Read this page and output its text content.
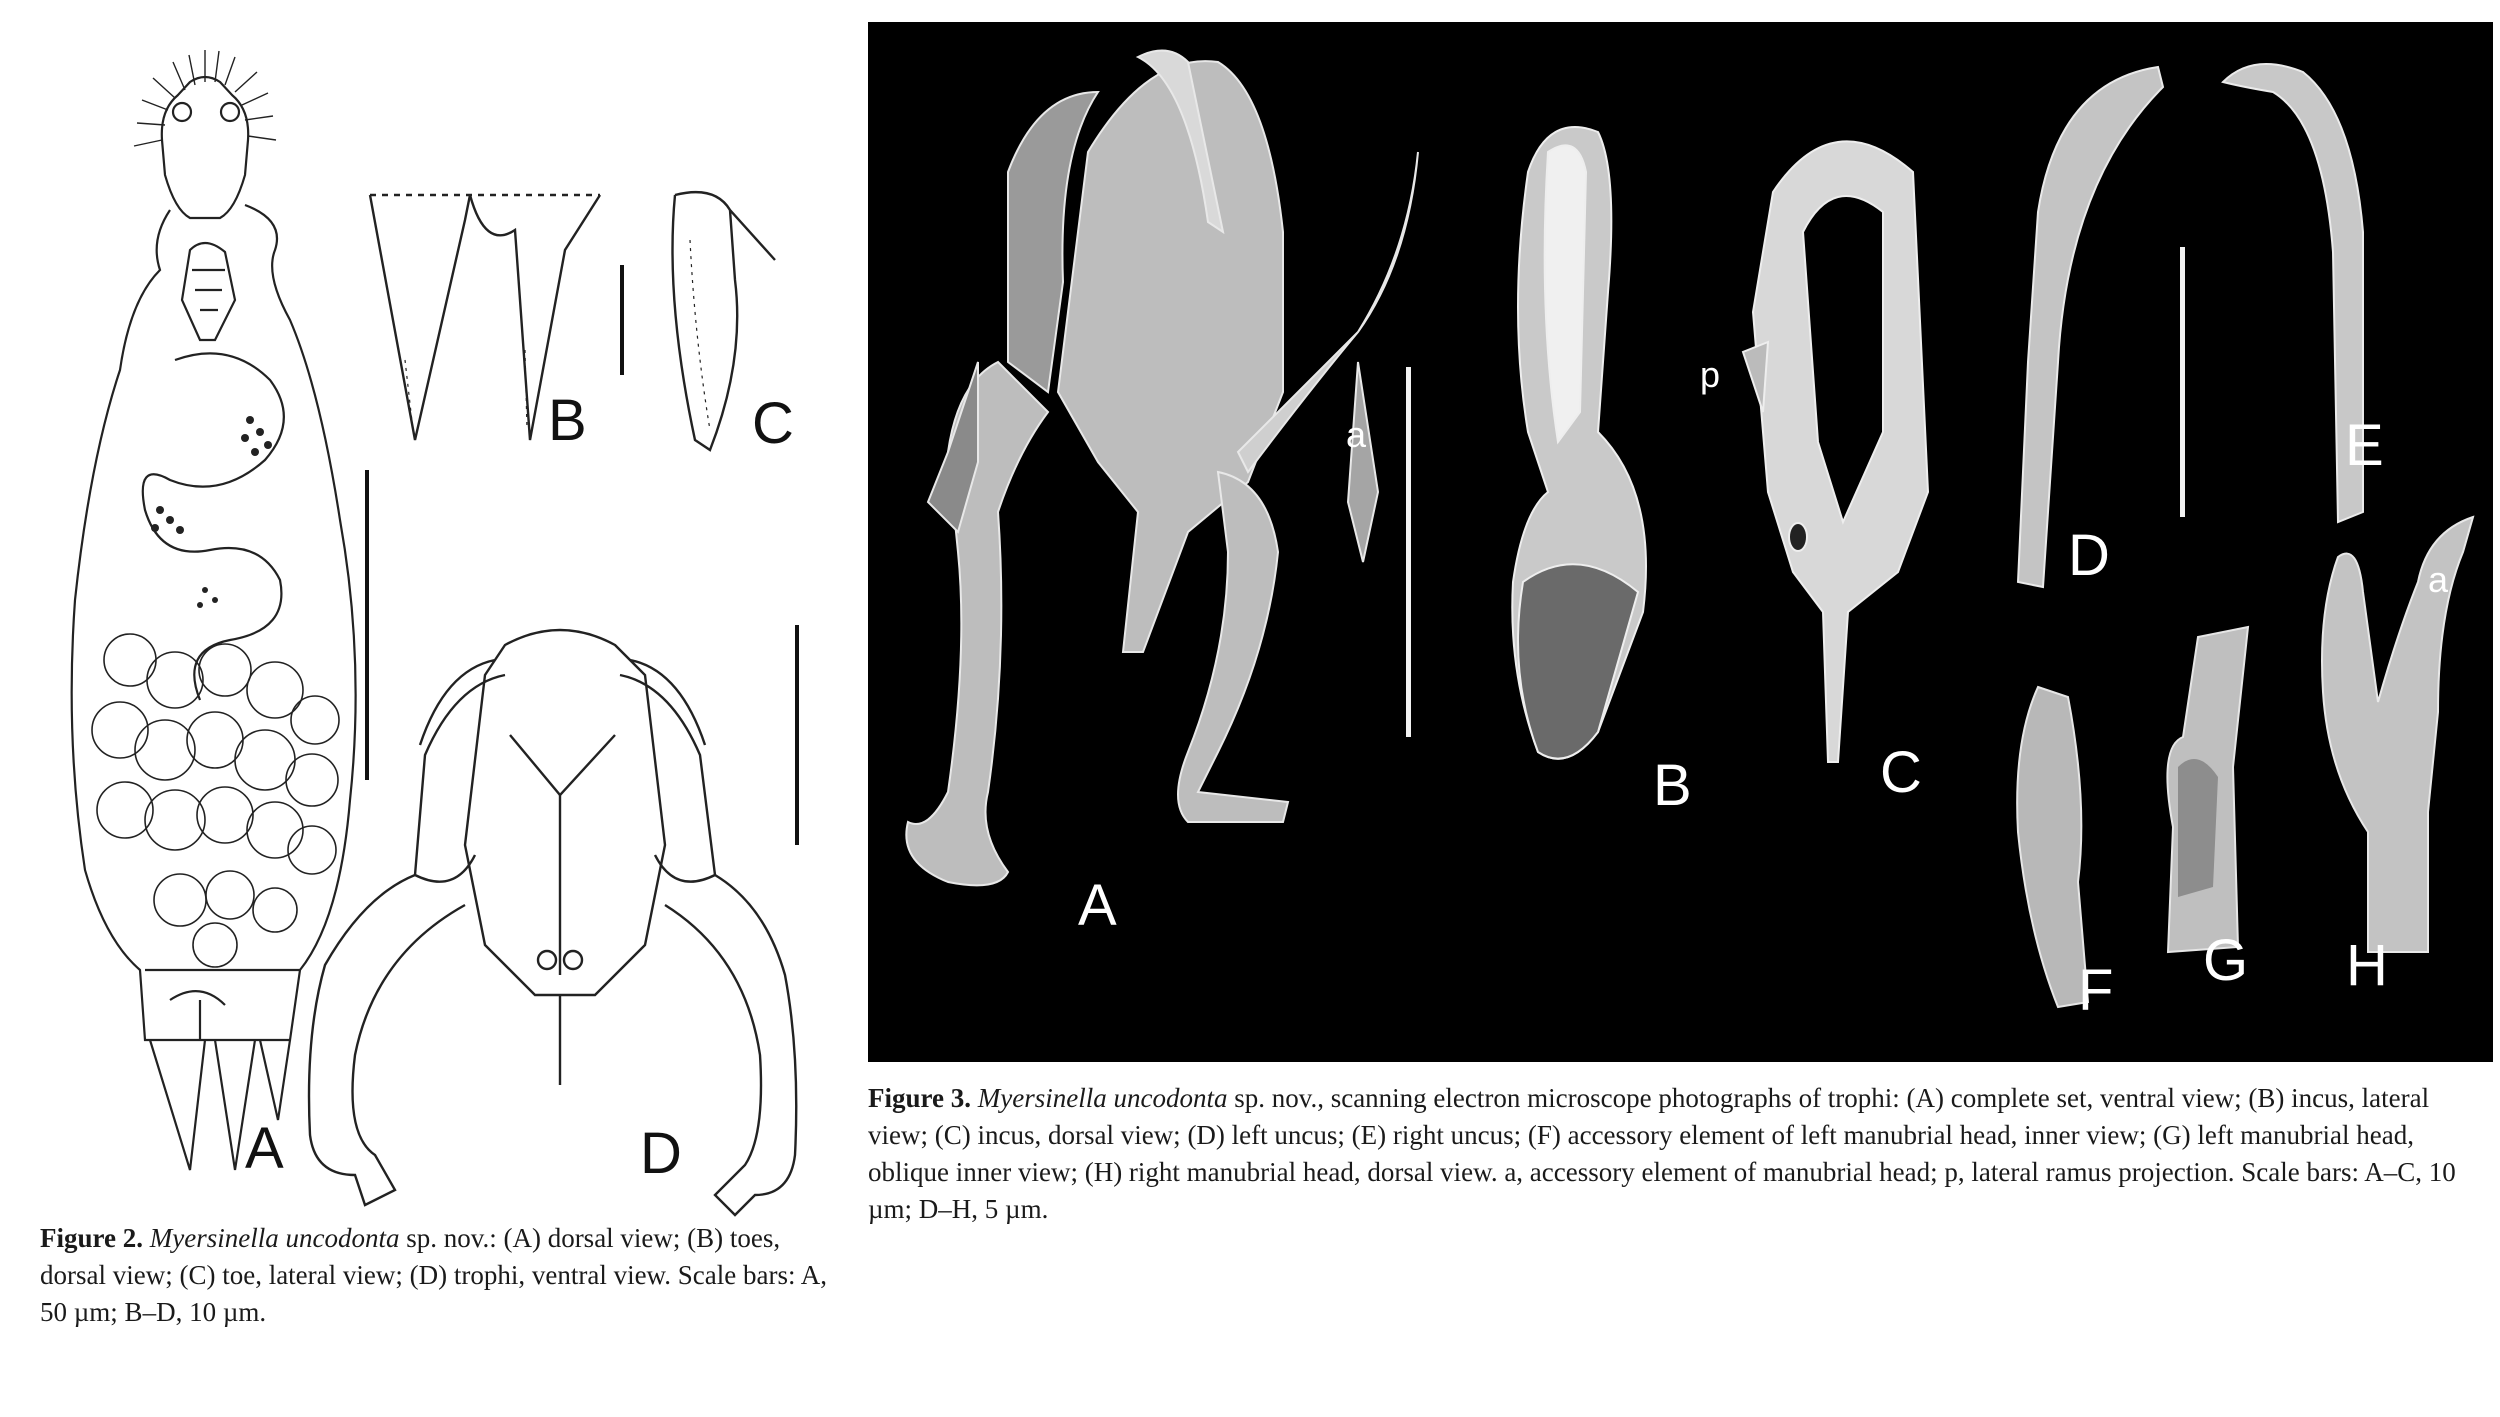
A
B	C
D
Figure 2. Myersinella uncodonta sp. nov.: (A) dorsal view; (B) toes, dorsal view; (C) toe, lateral view; (D) trophi, ventral view. Scale bars: A, 50 µm; B–D, 10 µm.
A
a
B
p
C
D
E
F G
a
H
Figure 3. Myersinella uncodonta sp. nov., scanning electron microscope photographs of trophi: (A) complete set, ventral view; (B) incus, lateral view; (C) incus, dorsal view; (D) left uncus; (E) right uncus; (F) accessory element of left manubrial head, inner view; (G) left manubrial head, oblique inner view; (H) right manubrial head, dorsal view. a, accessory element of manubrial head; p, lateral ramus projection. Scale bars: A–C, 10 µm; D–H, 5 µm.
